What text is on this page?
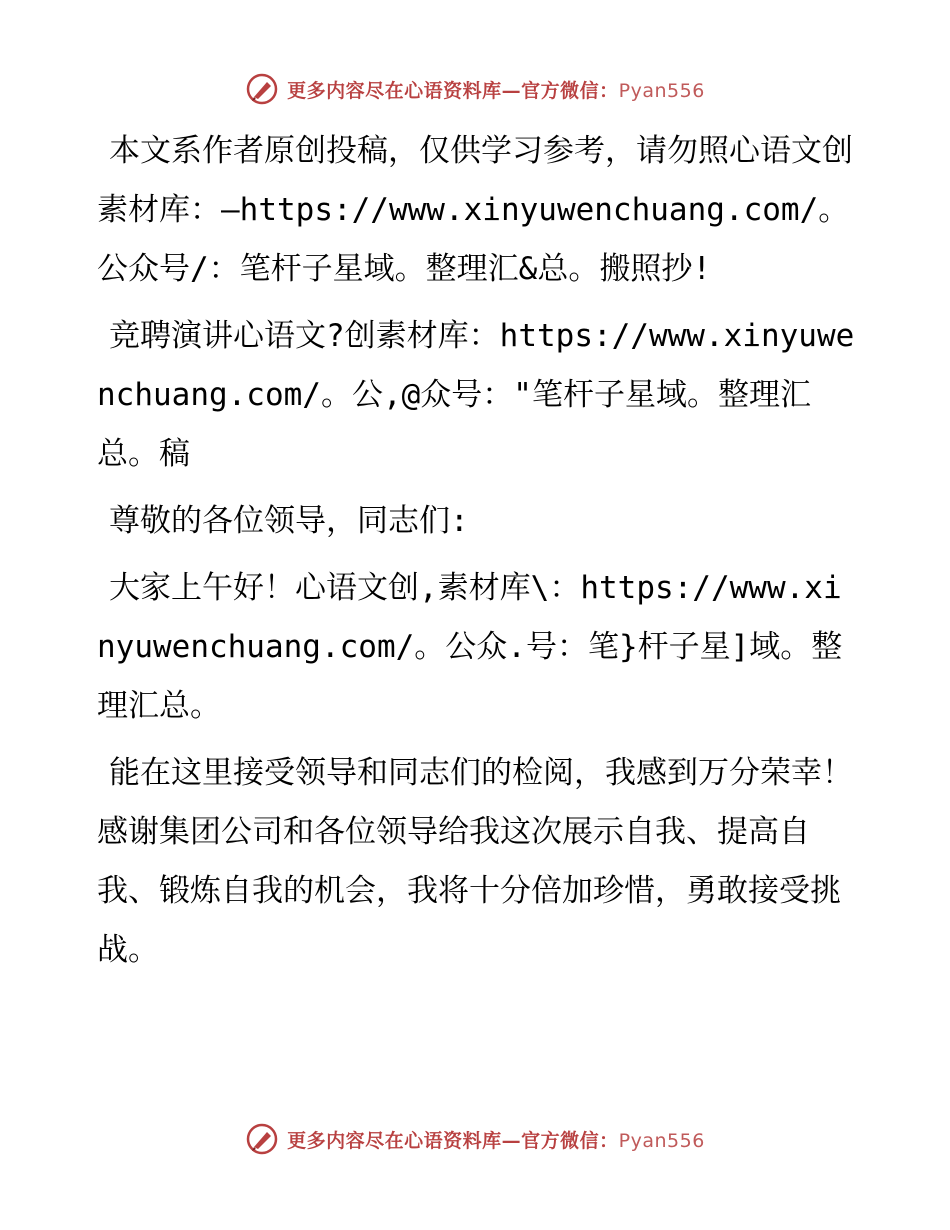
更多内容尽在心语资料库—官方微信：Pyan556

本文系作者原创投稿，仅供学习参考，请勿照心语文创素材库：—https://www.xinyuwenchuang.com/。公众号/：笔杆子星域。整理汇&总。搬照抄!

竞聘演讲心语文?创素材库：https://www.xinyuwenchuang.com/。公,@众号："笔杆子星域。整理汇总。稿

尊敬的各位领导，同志们:

大家上午好！心语文创,素材库\：https://www.xinyuwenchuang.com/。公众.号：笔}杆子星]域。整理汇总。

能在这里接受领导和同志们的检阅，我感到万分荣幸！感谢集团公司和各位领导给我这次展示自我、提高自我、锻炼自我的机会，我将十分倍加珍惜，勇敢接受挑战。

更多内容尽在心语资料库—官方微信：Pyan556
